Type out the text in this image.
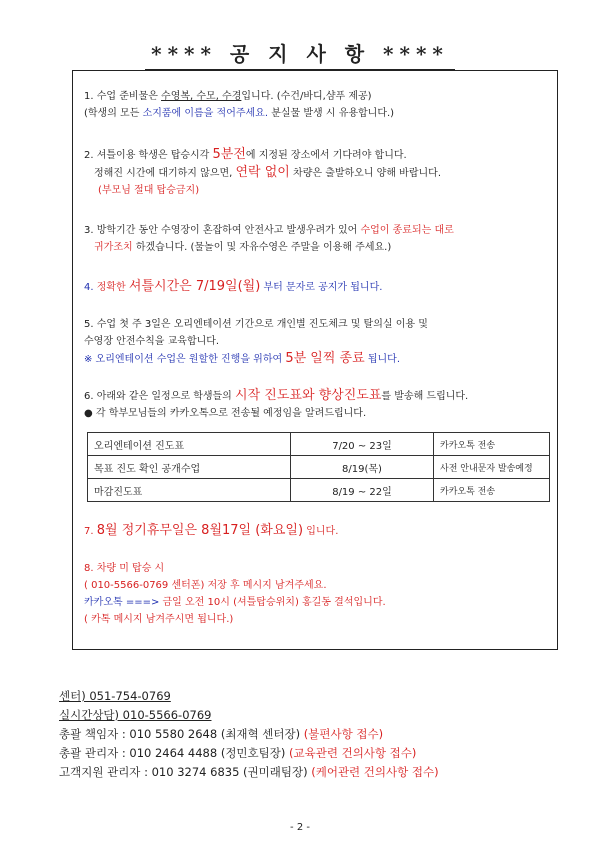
**** 공 지 사 항 ****

1. 수업 준비물은 수영복, 수모, 수경입니다. (수건/바디,샴푸 제공)

(학생의 모든 소지품에 이름을 적어주세요. 분실물 발생 시 유용합니다.)

2. 셔틀이용 학생은 탑승시각 5분전에 지정된 장소에서 기다려야 합니다.

정해진 시간에 대기하지 않으면, 연락 없이 차량은 출발하오니 양해 바랍니다.

(부모님 절대 탑승금지)

3. 방학기간 동안 수영장이 혼잡하여 안전사고 발생우려가 있어 수업이 종료되는 대로

귀가조치 하겠습니다. (물놀이 및 자유수영은 주말을 이용해 주세요.)

4. 정확한 셔틀시간은 7/19일(월) 부터 문자로 공지가 됩니다.

5. 수업 첫 주 3일은 오리엔테이션 기간으로 개인별 진도체크 및 탈의실 이용 및

수영장 안전수칙을 교육합니다.

※ 오리엔테이션 수업은 원할한 진행을 위하여 5분 일찍 종료 됩니다.

6. 아래와 같은 일정으로 학생들의 시작 진도표와 향상진도표를 발송해 드립니다.

● 각 학부모님들의 카카오톡으로 전송될 예정임을 알려드립니다.

오리엔테이션 진도표	7/20 ~ 23일	카카오톡 전송
목표 진도 확인 공개수업	8/19(목)	사전 안내문자 발송예정
마감진도표	8/19 ~ 22일	카카오톡 전송

7. 8월 정기휴무일은 8월17일 (화요일) 입니다.

8. 차량 미 탑승 시

( 010-5566-0769 센터폰) 저장 후 메시지 남겨주세요.

카카오톡 ===> 금일 오전 10시 (셔틀탑승위치) 홍길동 결석입니다.

( 카톡 메시지 남겨주시면 됩니다.)

센터) 051-754-0769

실시간상담) 010-5566-0769

총괄 책임자 : 010 5580 2648 (최재혁 센터장) (불편사항 접수)

총괄 관리자 : 010 2464 4488 (정민호팀장) (교육관련 건의사항 접수)

고객지원 관리자 : 010 3274 6835 (권미래팀장) (케어관련 건의사항 접수)

- 2 -
